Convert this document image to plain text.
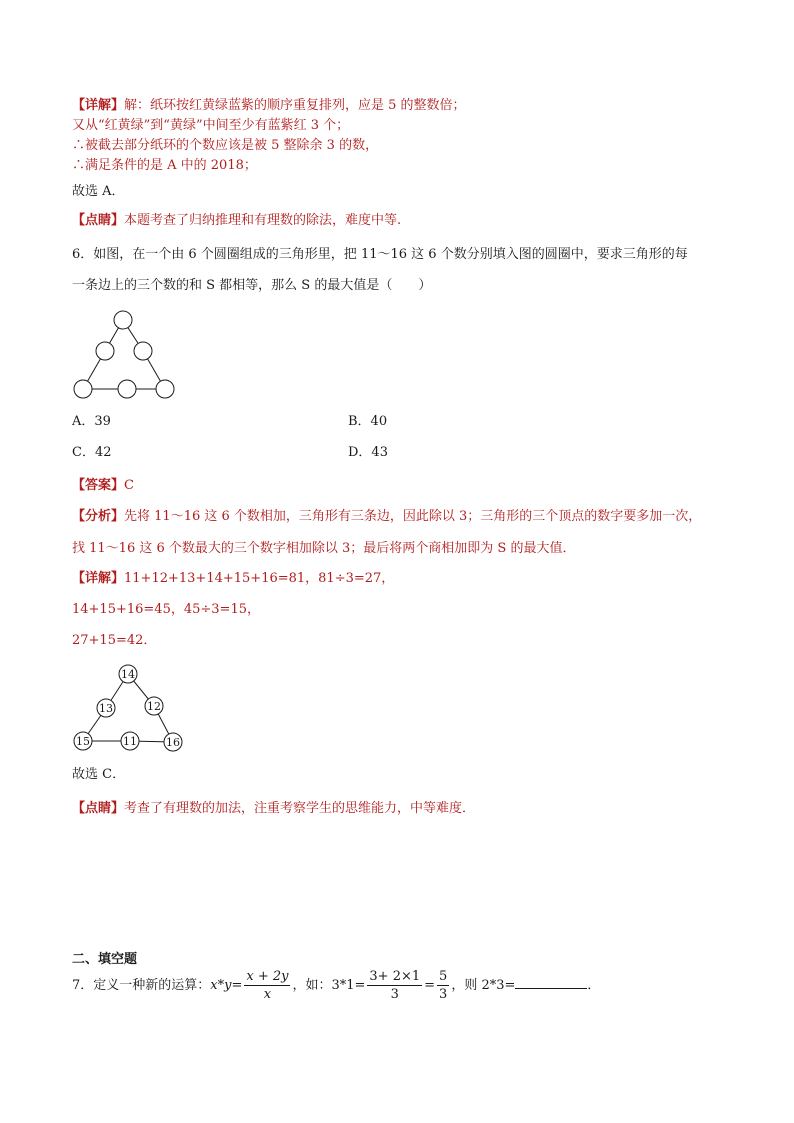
【详解】解：纸环按红黄绿蓝紫的顺序重复排列，应是 5 的整数倍；
又从“红黄绿”到“黄绿”中间至少有蓝紫红 3 个；
∴被截去部分纸环的个数应该是被 5 整除余 3 的数，
∴满足条件的是 A 中的 2018；
故选 A．
【点睛】本题考查了归纳推理和有理数的除法，难度中等.
6．如图，在一个由 6 个圆圈组成的三角形里，把 11～16 这 6 个数分别填入图的圆圈中，要求三角形的每
一条边上的三个数的和 S 都相等，那么 S 的最大值是（　　）
A．39	B．40
C．42	D．43
【答案】C
【分析】先将 11～16 这 6 个数相加，三角形有三条边，因此除以 3；三角形的三个顶点的数字要多加一次，
找 11～16 这 6 个数最大的三个数字相加除以 3；最后将两个商相加即为 S 的最大值．
【详解】11+12+13+14+15+16=81，81÷3=27，
14+15+16=45，45÷3=15，
27+15=42．
14
13	12
15	11	16
故选 C．
【点睛】考查了有理数的加法，注重考察学生的思维能力，中等难度．
二、填空题
7．定义一种新的运算：$x*y= \frac{x + 2y}{x}$ ，如：$3*1= \frac{3+ 2\times 1}{3} = \frac{5}{3}$ ，则 2*3=	．
